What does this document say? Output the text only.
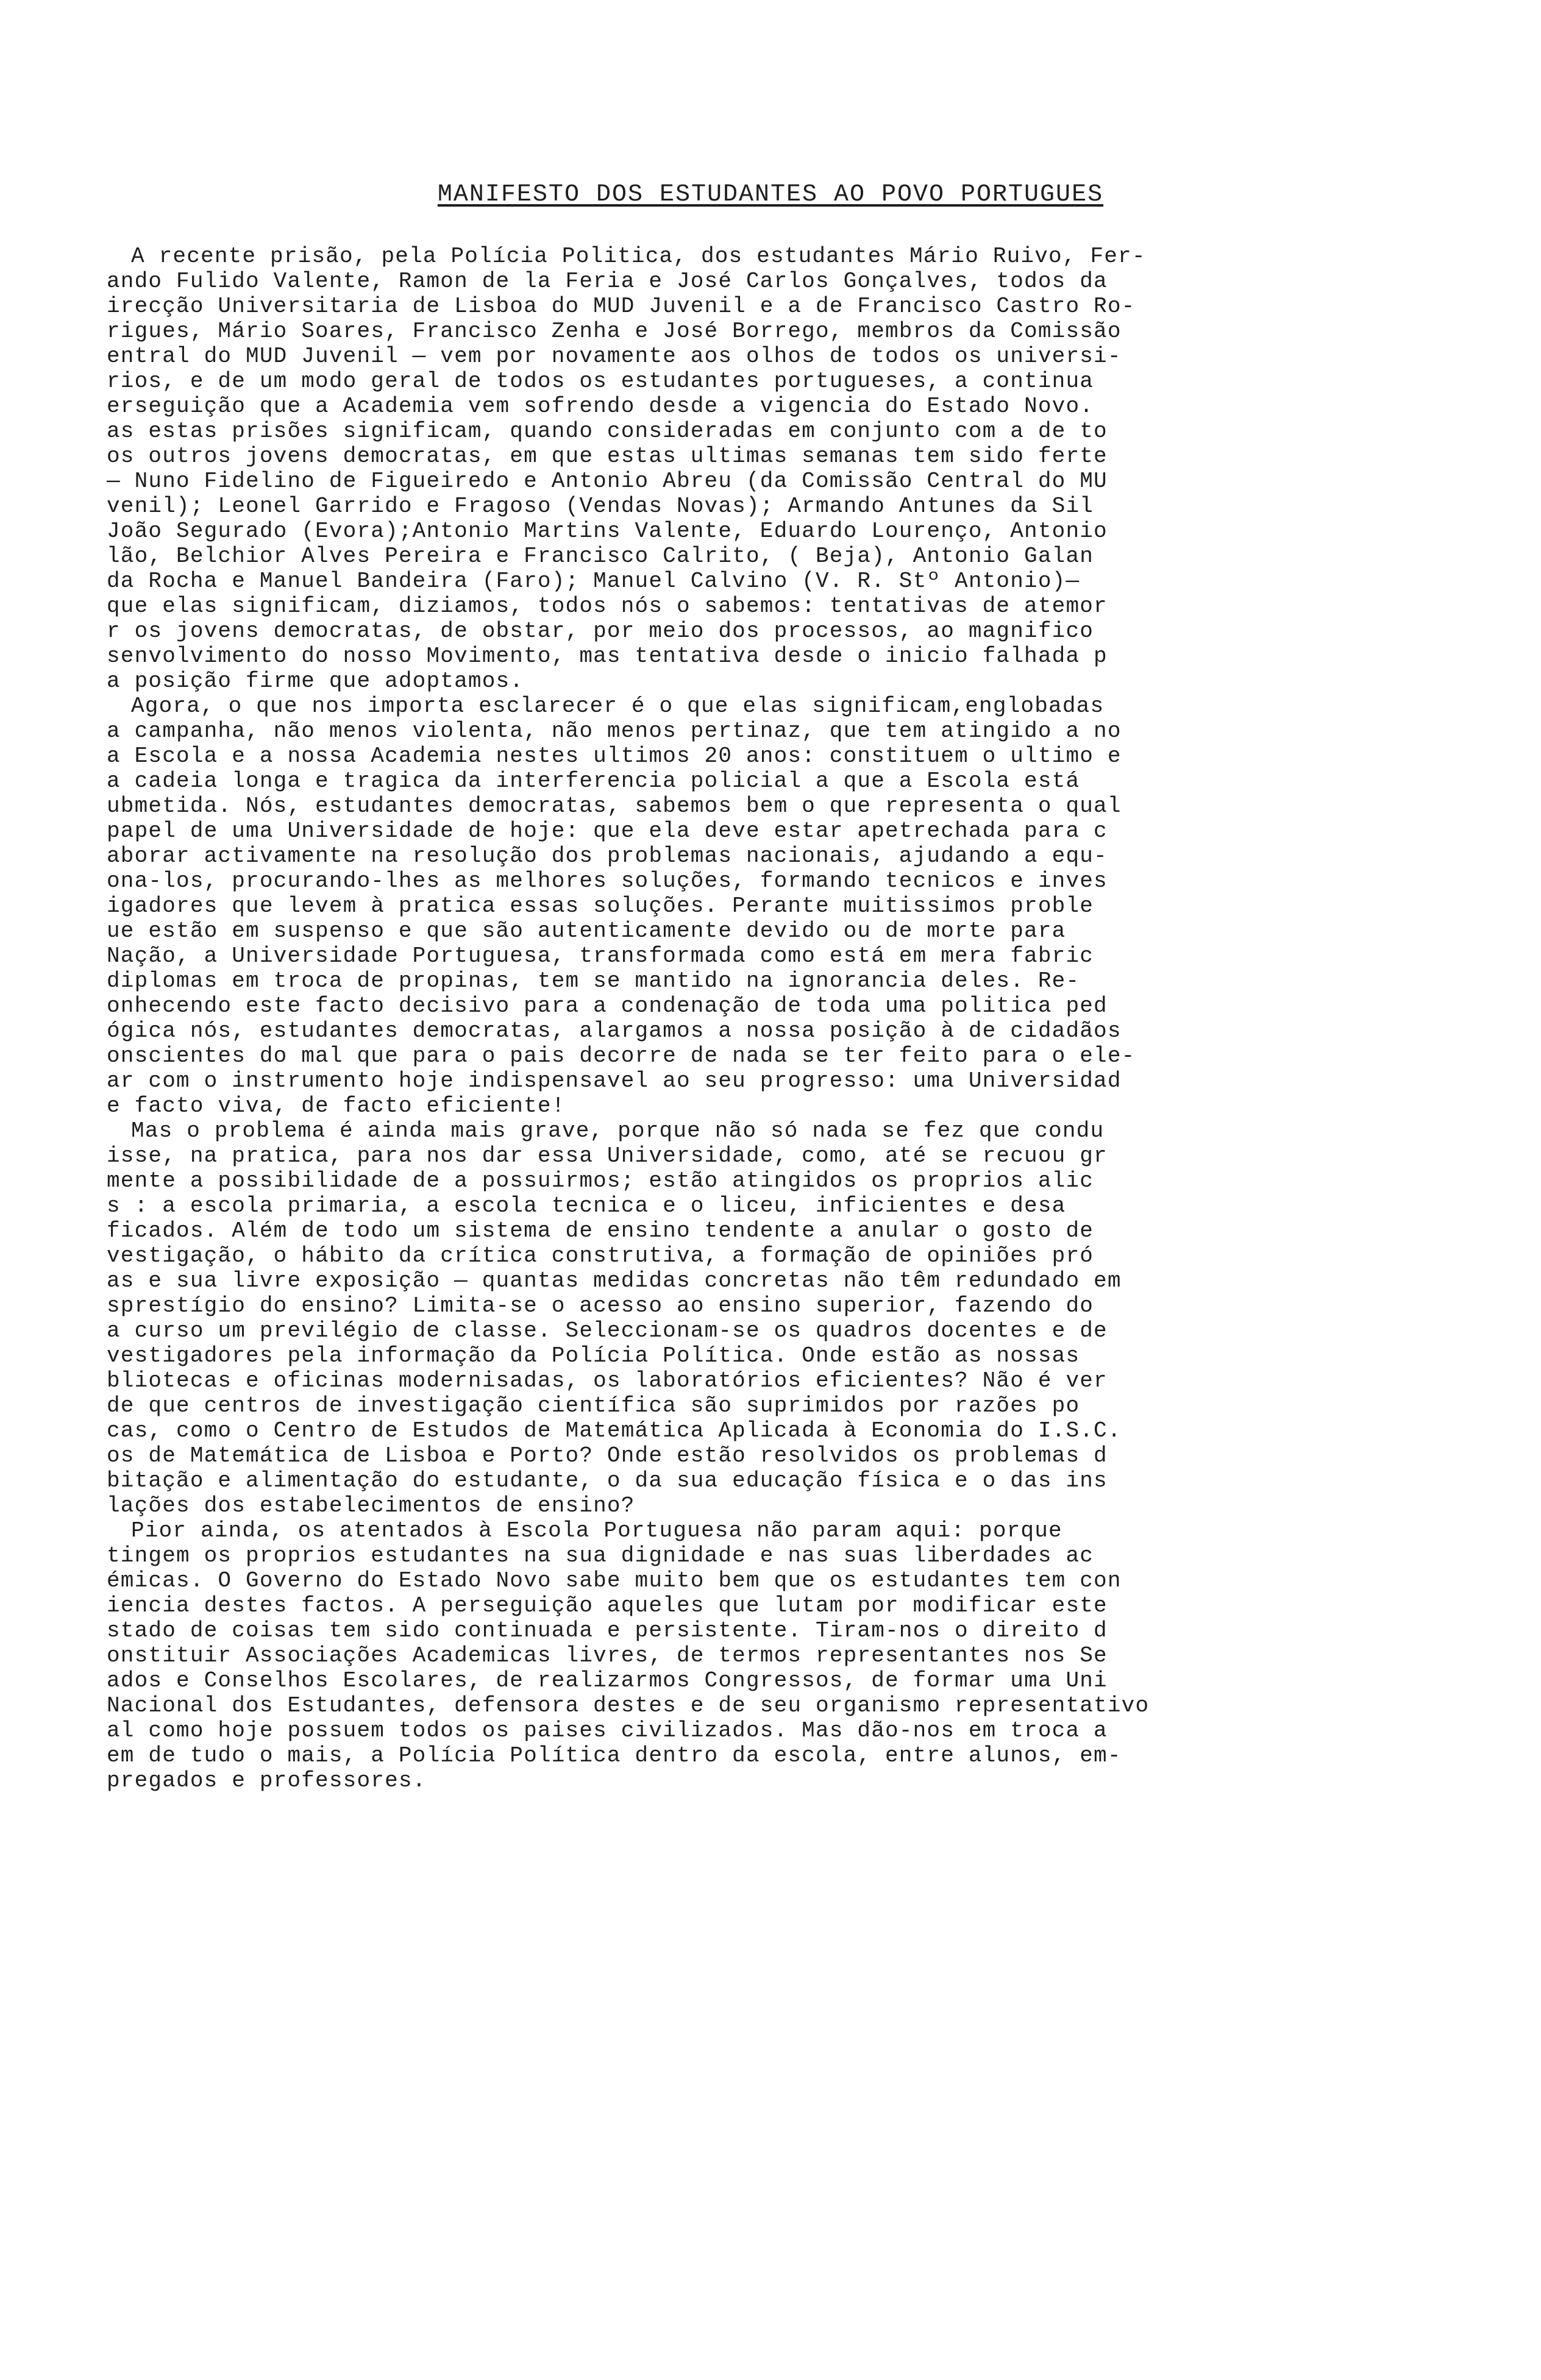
MANIFESTO DOS ESTUDANTES AO POVO PORTUGUES
A recente prisão, pela Polícia Politica, dos estudantes Mário Ruivo, Fer-
ando Fulido Valente, Ramon de la Feria e José Carlos Gonçalves, todos da
irecção Universitaria de Lisboa do MUD Juvenil e a de Francisco Castro Ro-
rigues, Mário Soares, Francisco Zenha e José Borrego, membros da Comissão
entral do MUD Juvenil — vem por novamente aos olhos de todos os universi-
rios, e de um modo geral de todos os estudantes portugueses, a continua
erseguição que a Academia vem sofrendo desde a vigencia do Estado Novo.
as estas prisões significam, quando consideradas em conjunto com a de to
os outros jovens democratas, em que estas ultimas semanas tem sido ferte
— Nuno Fidelino de Figueiredo e Antonio Abreu (da Comissão Central do MU
venil); Leonel Garrido e Fragoso (Vendas Novas); Armando Antunes da Sil
João Segurado (Evora);Antonio Martins Valente, Eduardo Lourenço, Antonio
lão, Belchior Alves Pereira e Francisco Calrito, ( Beja), Antonio Galan
da Rocha e Manuel Bandeira (Faro); Manuel Calvino (V. R. Stº Antonio)—
que elas significam, diziamos, todos nós o sabemos: tentativas de atemor
r os jovens democratas, de obstar, por meio dos processos, ao magnifico
senvolvimento do nosso Movimento, mas tentativa desde o inicio falhada p
a posição firme que adoptamos.
Agora, o que nos importa esclarecer é o que elas significam,englobadas
a campanha, não menos violenta, não menos pertinaz, que tem atingido a no
a Escola e a nossa Academia nestes ultimos 20 anos: constituem o ultimo e
a cadeia longa e tragica da interferencia policial a que a Escola está
ubmetida. Nós, estudantes democratas, sabemos bem o que representa o qual
papel de uma Universidade de hoje: que ela deve estar apetrechada para c
aborar activamente na resolução dos problemas nacionais, ajudando a equ-
ona-los, procurando-lhes as melhores soluções, formando tecnicos e inves
igadores que levem à pratica essas soluções. Perante muitissimos proble
ue estão em suspenso e que são autenticamente devido ou de morte para
Nação, a Universidade Portuguesa, transformada como está em mera fabric
diplomas em troca de propinas, tem se mantido na ignorancia deles. Re-
onhecendo este facto decisivo para a condenação de toda uma politica ped
ógica nós, estudantes democratas, alargamos a nossa posição à de cidadãos
onscientes do mal que para o pais decorre de nada se ter feito para o ele-
ar com o instrumento hoje indispensavel ao seu progresso: uma Universidad
e facto viva, de facto eficiente!
Mas o problema é ainda mais grave, porque não só nada se fez que condu
isse, na pratica, para nos dar essa Universidade, como, até se recuou gr
mente a possibilidade de a possuirmos; estão atingidos os proprios alic
s : a escola primaria, a escola tecnica e o liceu, inficientes e desa
ficados. Além de todo um sistema de ensino tendente a anular o gosto de
vestigação, o hábito da crítica construtiva, a formação de opiniões pró
as e sua livre exposição — quantas medidas concretas não têm redundado em
sprestígio do ensino? Limita-se o acesso ao ensino superior, fazendo do
a curso um previlégio de classe. Seleccionam-se os quadros docentes e de
vestigadores pela informação da Polícia Política. Onde estão as nossas
bliotecas e oficinas modernisadas, os laboratórios eficientes? Não é ver
de que centros de investigação científica são suprimidos por razões po
cas, como o Centro de Estudos de Matemática Aplicada à Economia do I.S.C.
os de Matemática de Lisboa e Porto? Onde estão resolvidos os problemas d
bitação e alimentação do estudante, o da sua educação física e o das ins
lações dos estabelecimentos de ensino?
Pior ainda, os atentados à Escola Portuguesa não param aqui: porque
tingem os proprios estudantes na sua dignidade e nas suas liberdades ac
émicas. O Governo do Estado Novo sabe muito bem que os estudantes tem con
iencia destes factos. A perseguição aqueles que lutam por modificar este
stado de coisas tem sido continuada e persistente. Tiram-nos o direito d
onstituir Associações Academicas livres, de termos representantes nos Se
ados e Conselhos Escolares, de realizarmos Congressos, de formar uma Uni
Nacional dos Estudantes, defensora destes e de seu organismo representativo
al como hoje possuem todos os paises civilizados. Mas dão-nos em troca a
em de tudo o mais, a Polícia Política dentro da escola, entre alunos, em-
pregados e professores.
